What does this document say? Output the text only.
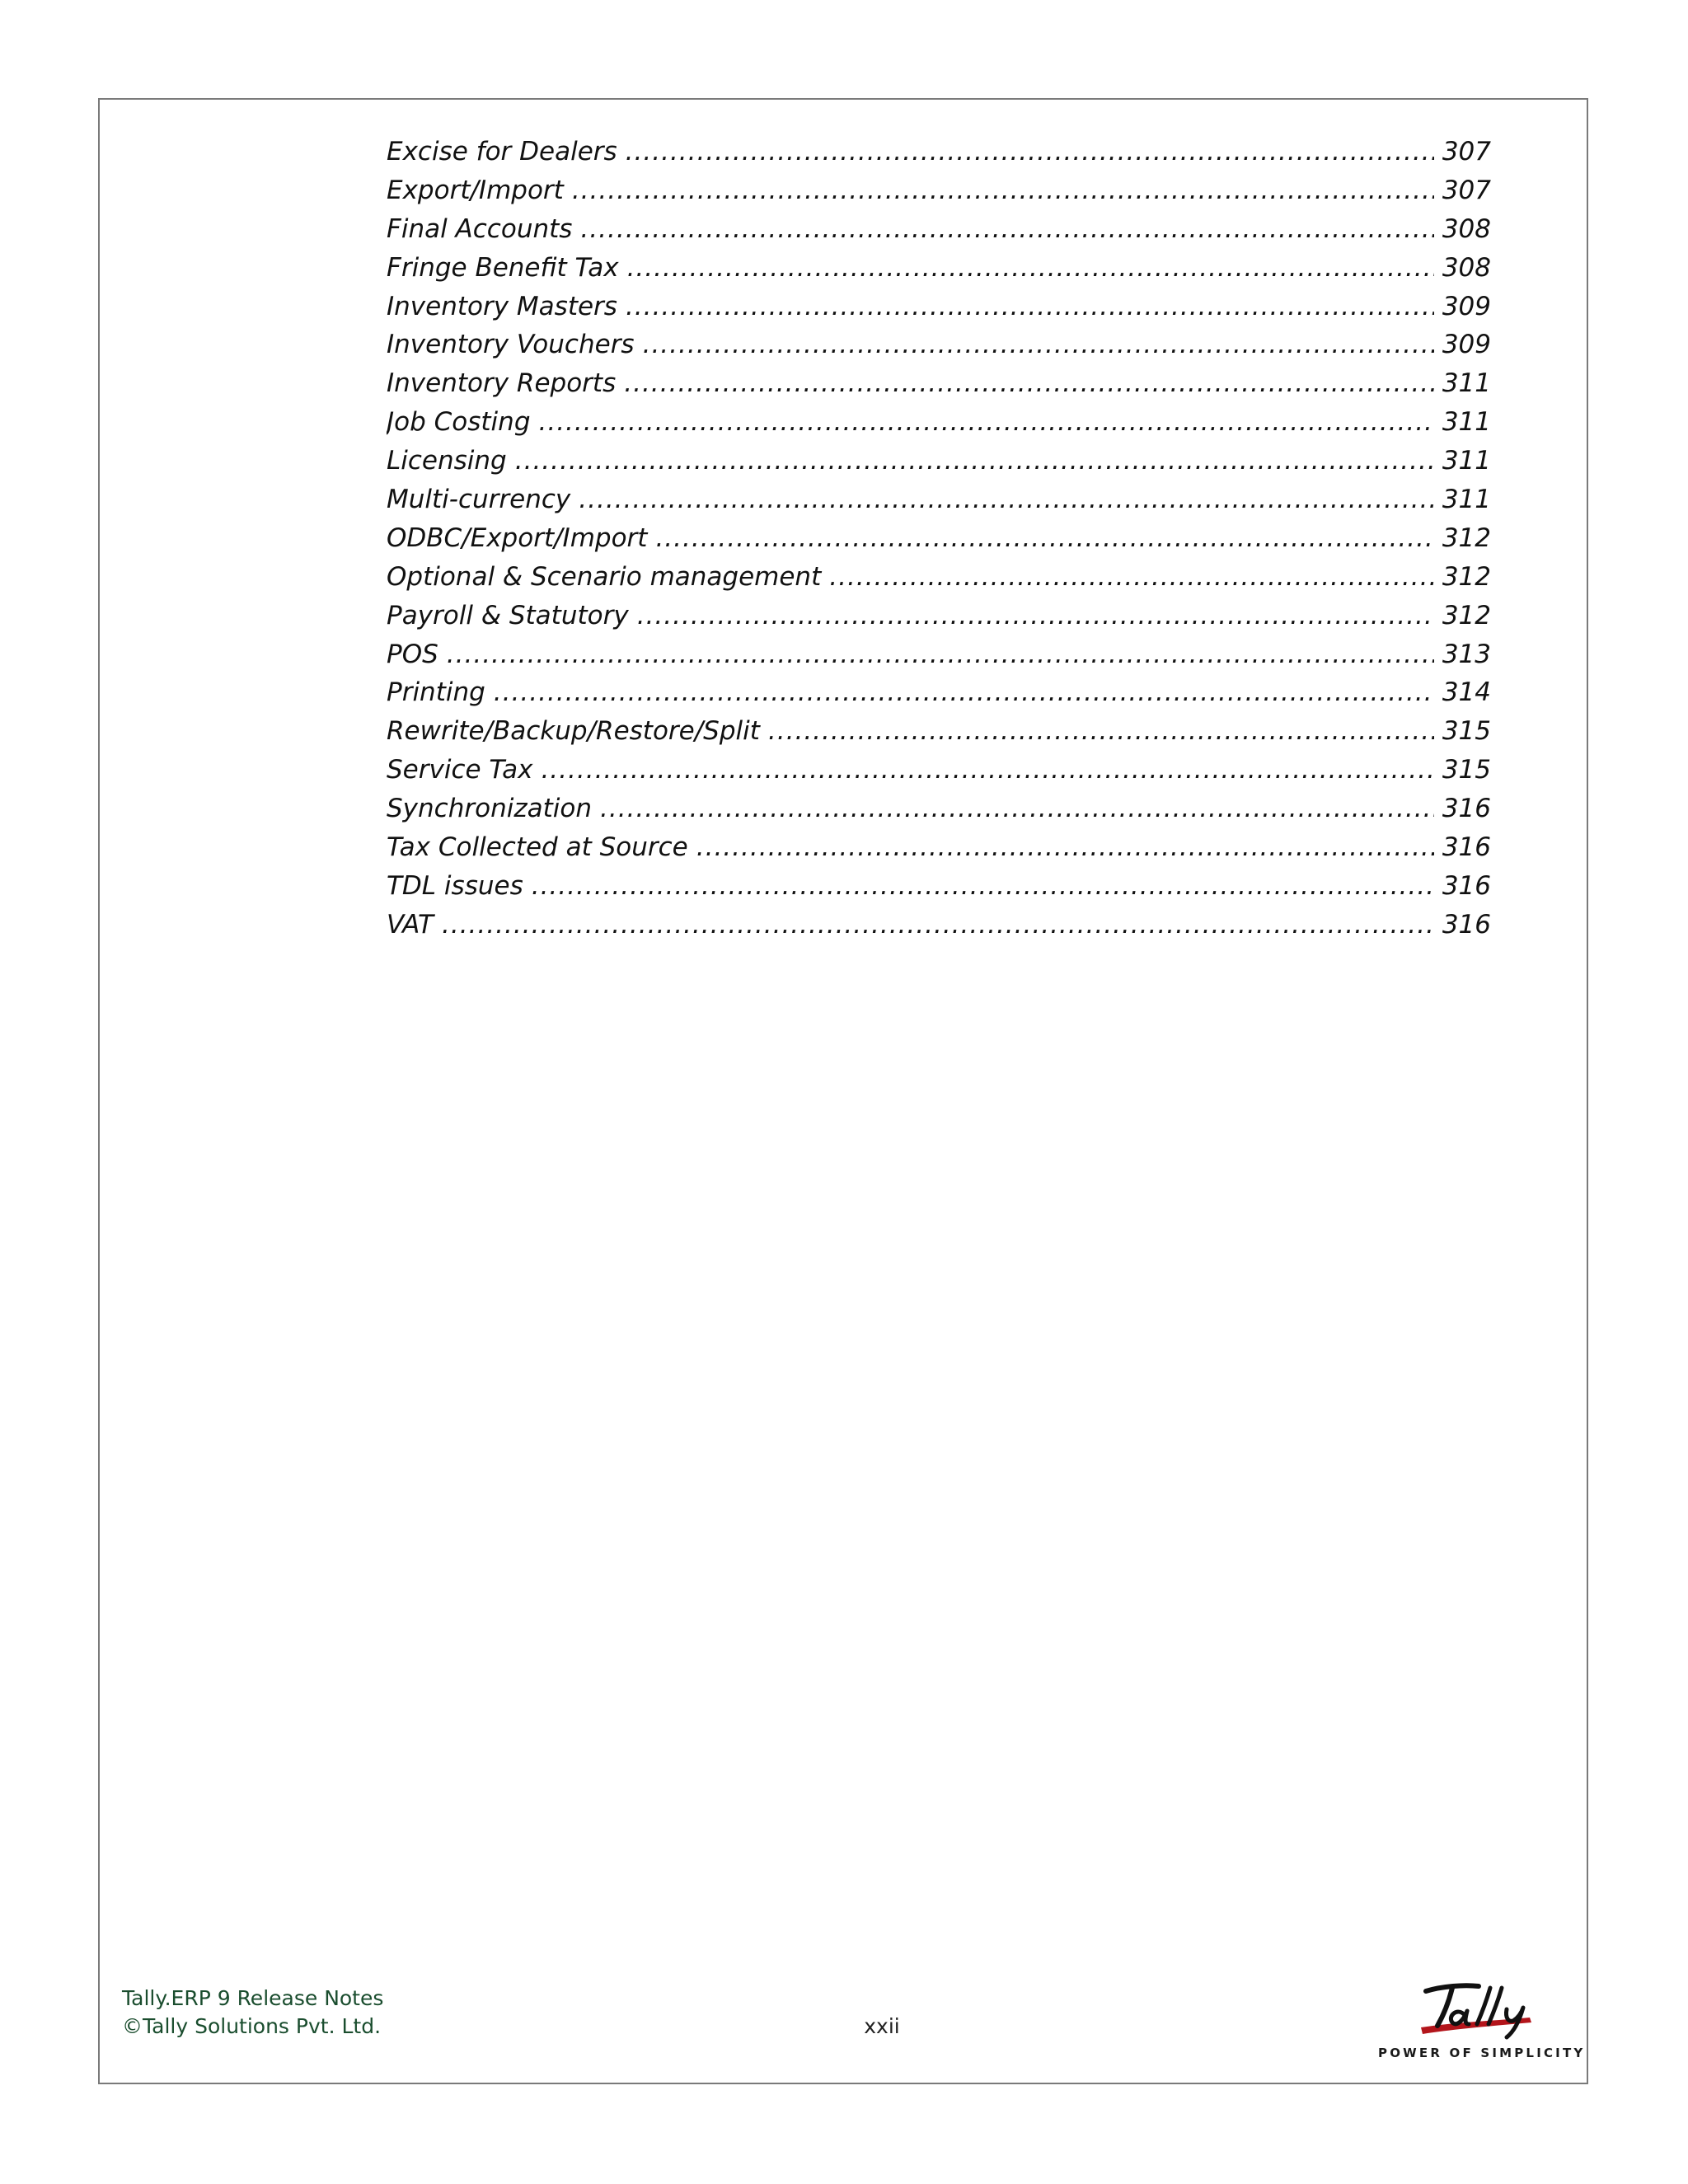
Excise for Dealers .....	307
Export/Import .....	307
Final Accounts .....	308
Fringe Benefit Tax .....	308
Inventory Masters .....	309
Inventory Vouchers .....	309
Inventory Reports .....	311
Job Costing .....	311
Licensing .....	311
Multi-currency .....	311
ODBC/Export/Import .....	312
Optional & Scenario management .....	312
Payroll & Statutory .....	312
POS .....	313
Printing .....	314
Rewrite/Backup/Restore/Split .....	315
Service Tax .....	315
Synchronization .....	316
Tax Collected at Source .....	316
TDL issues .....	316
VAT .....	316
Tally.ERP 9 Release Notes
©Tally Solutions Pvt. Ltd.	xxii
POWER OF SIMPLICITY
